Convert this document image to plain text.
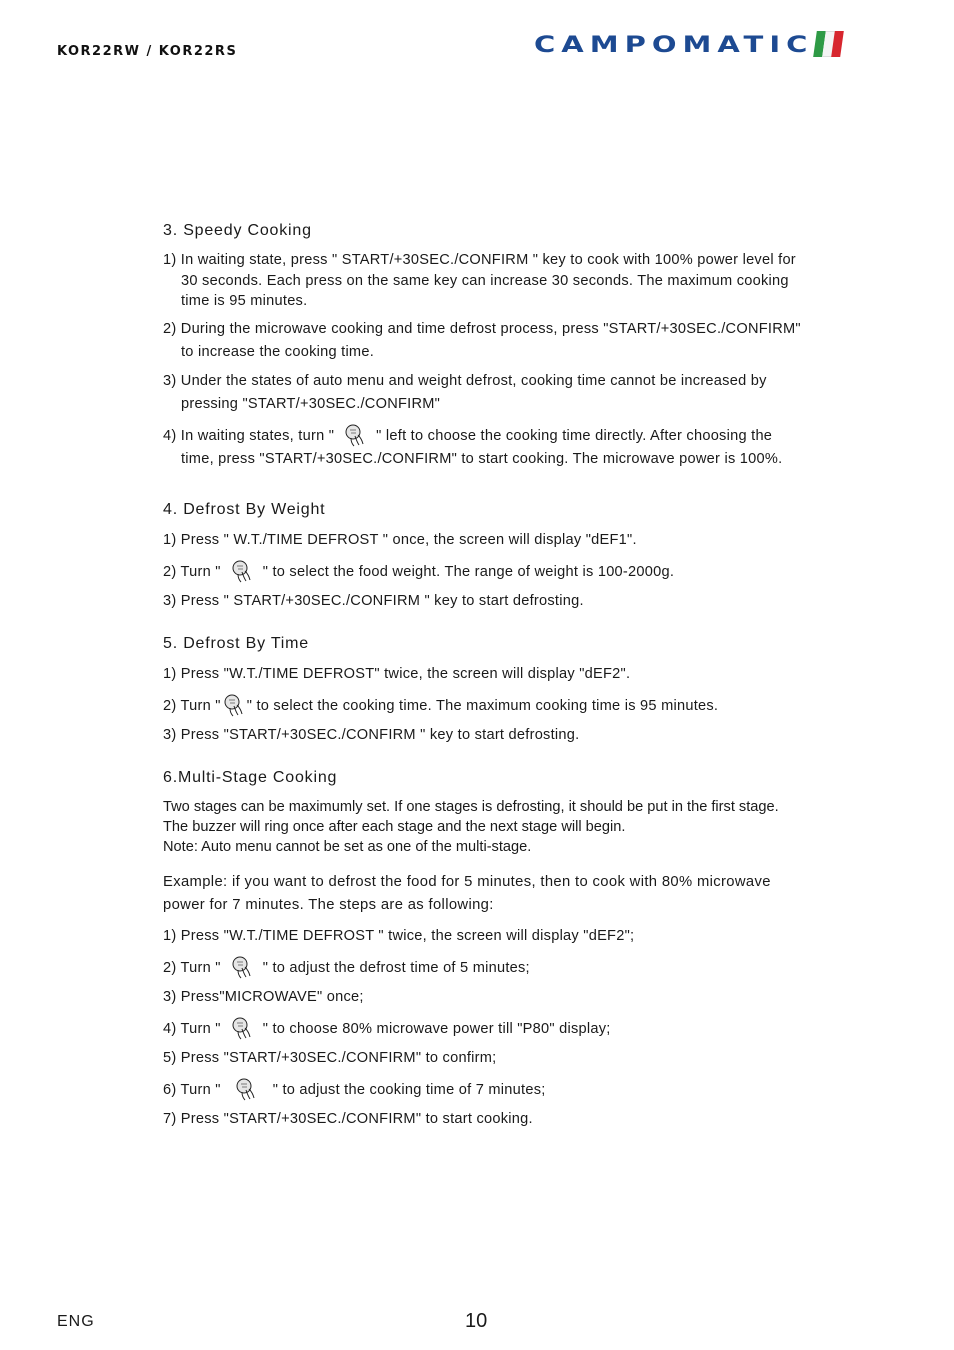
KOR22RW / KOR22RS	CAMPOMATIC
3. Speedy Cooking

1) In waiting state, press " START/+30SEC./CONFIRM " key to cook with 100% power level for 30 seconds. Each press on the same key can increase 30 seconds. The maximum cooking time is 95 minutes.

2) During the microwave cooking and time defrost process, press "START/+30SEC./CONFIRM" to increase the cooking time.

3) Under the states of auto menu and weight defrost, cooking time cannot be increased by pressing "START/+30SEC./CONFIRM"

4) In waiting states, turn "	" left to choose the cooking time directly. After choosing the time, press "START/+30SEC./CONFIRM" to start cooking. The microwave power is 100%.

4. Defrost By Weight

1) Press " W.T./TIME DEFROST " once, the screen will display "dEF1".

2) Turn "	" to select the food weight. The range of weight is 100-2000g.

3) Press " START/+30SEC./CONFIRM " key to start defrosting.

5. Defrost By Time

1) Press "W.T./TIME DEFROST" twice, the screen will display "dEF2".

2) Turn " " to select the cooking time. The maximum cooking time is 95 minutes.

3) Press "START/+30SEC./CONFIRM " key to start defrosting.

6.Multi-Stage Cooking

Two stages can be maximumly set. If one stages is defrosting, it should be put in the first stage. The buzzer will ring once after each stage and the next stage will begin.
Note: Auto menu cannot be set as one of the multi-stage.

Example: if you want to defrost the food for 5 minutes, then to cook with 80% microwave power for 7 minutes. The steps are as following:

1) Press "W.T./TIME DEFROST " twice, the screen will display "dEF2";

2) Turn "	" to adjust the defrost time of 5 minutes;

3) Press"MICROWAVE" once;

4) Turn "	" to choose 80% microwave power till "P80" display;

5) Press "START/+30SEC./CONFIRM" to confirm;

6) Turn "	" to adjust the cooking time of 7 minutes;

7) Press "START/+30SEC./CONFIRM" to start cooking.

ENG	10
